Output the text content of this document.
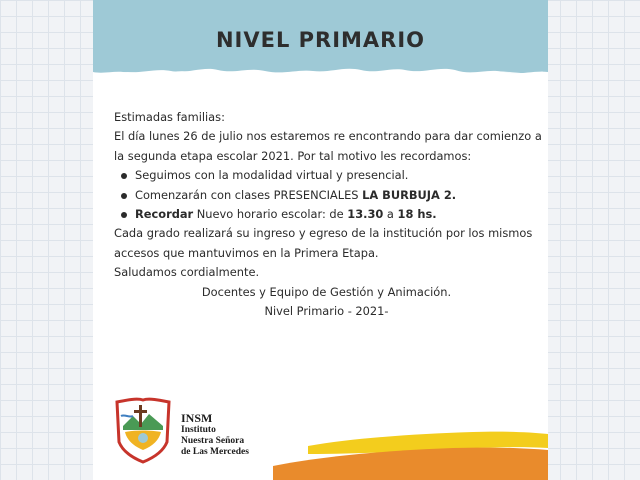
NIVEL PRIMARIO

Estimadas familias:

El día lunes 26 de julio nos estaremos re encontrando para dar comienzo a

la segunda etapa escolar 2021. Por tal motivo les recordamos:

Seguimos con la modalidad virtual y presencial.
Comenzarán con clases PRESENCIALES LA BURBUJA 2.
Recordar Nuevo horario escolar: de 13.30 a 18 hs.

Cada grado realizará su ingreso y egreso de la institución por los mismos

accesos que mantuvimos en la Primera Etapa.

Saludamos cordialmente.

Docentes y Equipo de Gestión y Animación.

Nivel Primario - 2021-

INSM
Instituto
Nuestra Señora
de Las Mercedes
